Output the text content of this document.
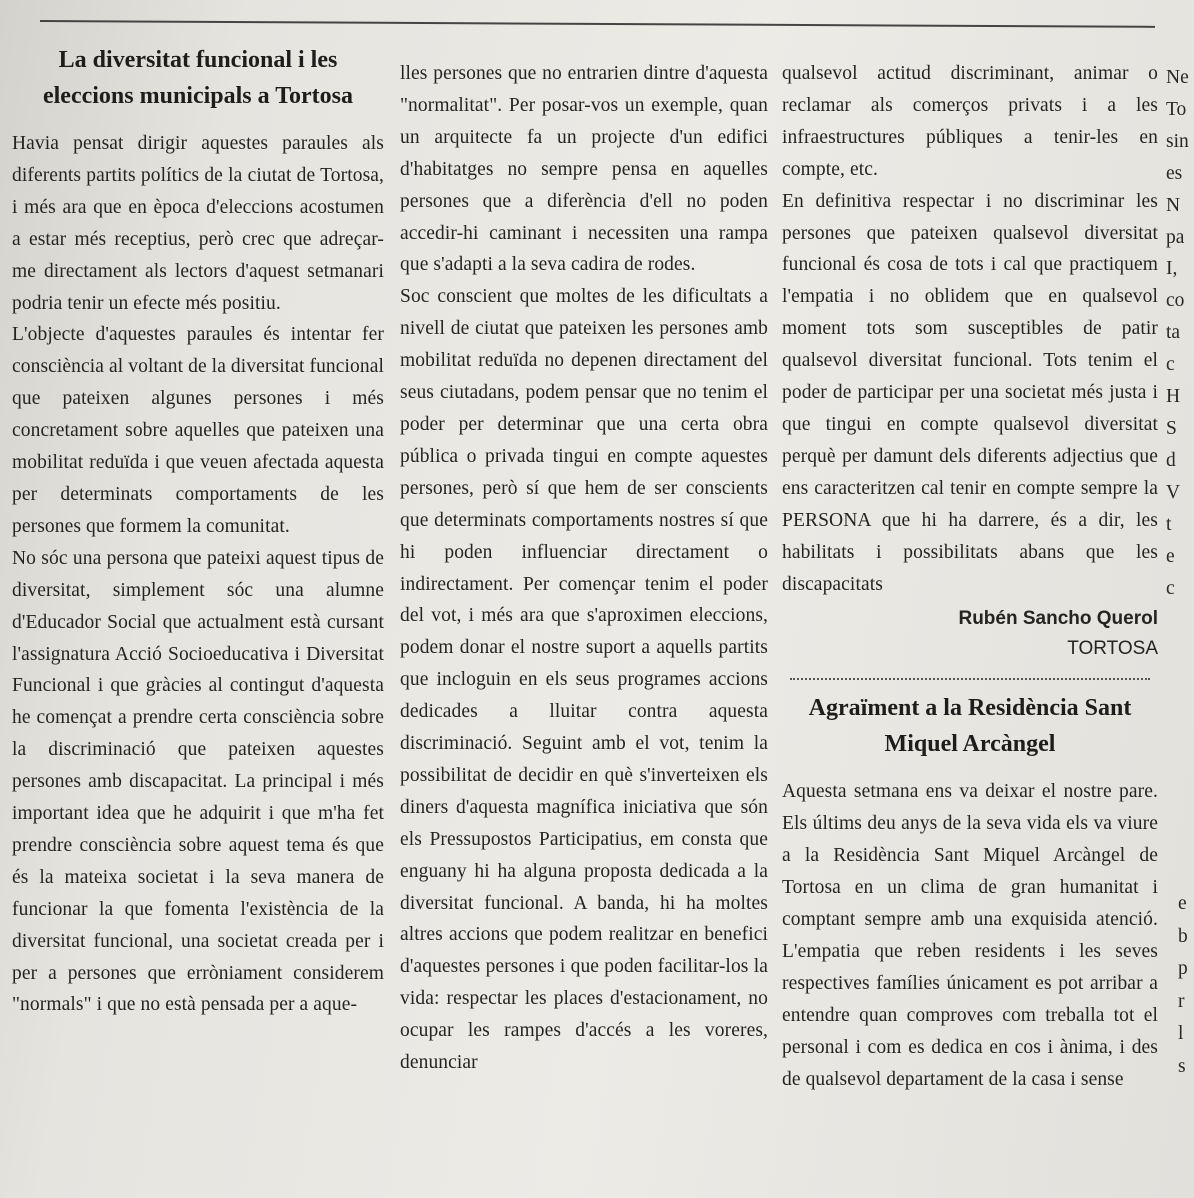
La diversitat funcional i les eleccions municipals a Tortosa

Havia pensat dirigir aquestes paraules als diferents partits polítics de la ciutat de Tortosa, i més ara que en època d'eleccions acostumen a estar més receptius, però crec que adreçar-me directament als lectors d'aquest setmanari podria tenir un efecte més positiu.

L'objecte d'aquestes paraules és intentar fer consciència al voltant de la diversitat funcional que pateixen algunes persones i més concretament sobre aquelles que pateixen una mobilitat reduïda i que veuen afectada aquesta per determinats comportaments de les persones que formem la comunitat.

No sóc una persona que pateixi aquest tipus de diversitat, simplement sóc una alumne d'Educador Social que actualment està cursant l'assignatura Acció Socioeducativa i Diversitat Funcional i que gràcies al contingut d'aquesta he començat a prendre certa consciència sobre la discriminació que pateixen aquestes persones amb discapacitat. La principal i més important idea que he adquirit i que m'ha fet prendre consciència sobre aquest tema és que és la mateixa societat i la seva manera de funcionar la que fomenta l'existència de la diversitat funcional, una societat creada per i per a persones que erròniament considerem "normals" i que no està pensada per a aque-

lles persones que no entrarien dintre d'aquesta "normalitat". Per posar-vos un exemple, quan un arquitecte fa un projecte d'un edifici d'habitatges no sempre pensa en aquelles persones que a diferència d'ell no poden accedir-hi caminant i necessiten una rampa que s'adapti a la seva cadira de rodes.

Soc conscient que moltes de les dificultats a nivell de ciutat que pateixen les persones amb mobilitat reduïda no depenen directament del seus ciutadans, podem pensar que no tenim el poder per determinar que una certa obra pública o privada tingui en compte aquestes persones, però sí que hem de ser conscients que determinats comportaments nostres sí que hi poden influenciar directament o indirectament. Per començar tenim el poder del vot, i més ara que s'aproximen eleccions, podem donar el nostre suport a aquells partits que incloguin en els seus programes accions dedicades a lluitar contra aquesta discriminació. Seguint amb el vot, tenim la possibilitat de decidir en què s'inverteixen els diners d'aquesta magnífica iniciativa que són els Pressupostos Participatius, em consta que enguany hi ha alguna proposta dedicada a la diversitat funcional. A banda, hi ha moltes altres accions que podem realitzar en benefici d'aquestes persones i que poden facilitar-los la vida: respectar les places d'estacionament, no ocupar les rampes d'accés a les voreres, denunciar

qualsevol actitud discriminant, animar o reclamar als comerços privats i a les infraestructures públiques a tenir-les en compte, etc.

En definitiva respectar i no discriminar les persones que pateixen qualsevol diversitat funcional és cosa de tots i cal que practiquem l'empatia i no oblidem que en qualsevol moment tots som susceptibles de patir qualsevol diversitat funcional. Tots tenim el poder de participar per una societat més justa i que tingui en compte qualsevol diversitat perquè per damunt dels diferents adjectius que ens caracteritzen cal tenir en compte sempre la PERSONA que hi ha darrere, és a dir, les habilitats i possibilitats abans que les discapacitats

Rubén Sancho Querol
TORTOSA
Agraïment a la Residència Sant Miquel Arcàngel

Aquesta setmana ens va deixar el nostre pare. Els últims deu anys de la seva vida els va viure a la Residència Sant Miquel Arcàngel de Tortosa en un clima de gran humanitat i comptant sempre amb una exquisida atenció. L'empatia que reben residents i les seves respectives famílies únicament es pot arribar a entendre quan comproves com treballa tot el personal i com es dedica en cos i ànima, i des de qualsevol departament de la casa i sense

Ne
To
sin
es
N
pa
I,
co
ta
c
H
S
d
V
t
e
c
e
b
p
r
l
s
